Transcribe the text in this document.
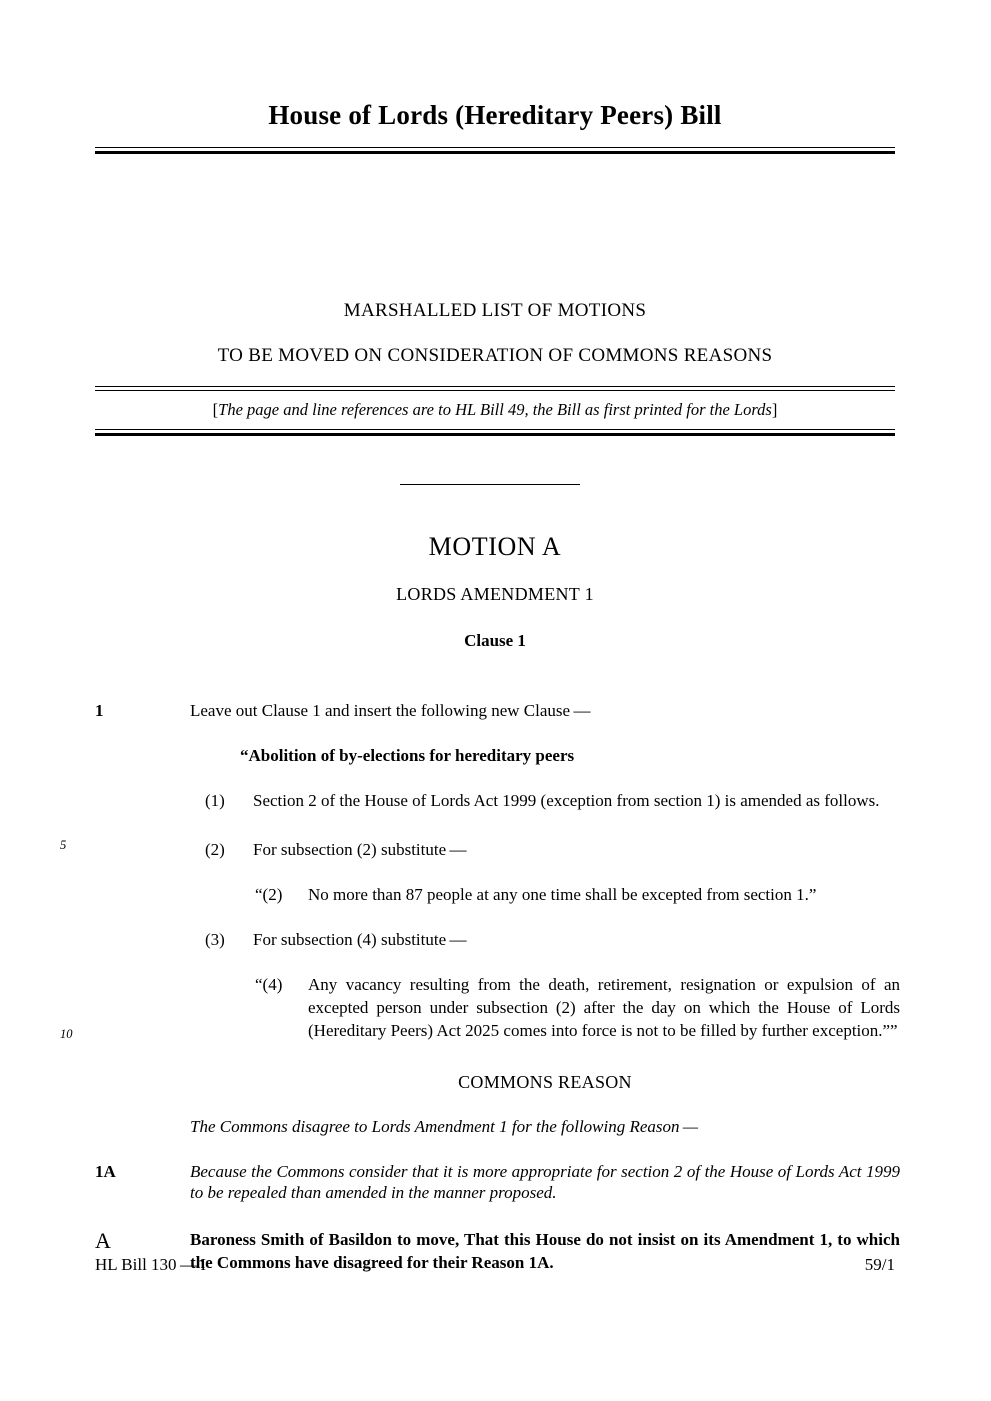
House of Lords (Hereditary Peers) Bill
MARSHALLED LIST OF MOTIONS
TO BE MOVED ON CONSIDERATION OF COMMONS REASONS
[The page and line references are to HL Bill 49, the Bill as first printed for the Lords]
MOTION A
LORDS AMENDMENT 1
Clause 1
1	Leave out Clause 1 and insert the following new Clause —
“Abolition of by-elections for hereditary peers
(1) Section 2 of the House of Lords Act 1999 (exception from section 1) is amended as follows.
5	(2) For subsection (2) substitute —
“(2) No more than 87 people at any one time shall be excepted from section 1.”
(3) For subsection (4) substitute —
10
“(4) Any vacancy resulting from the death, retirement, resignation or expulsion of an excepted person under subsection (2) after the day on which the House of Lords (Hereditary Peers) Act 2025 comes into force is not to be filled by further exception.””
COMMONS REASON
The Commons disagree to Lords Amendment 1 for the following Reason —
1A	Because the Commons consider that it is more appropriate for section 2 of the House of Lords Act 1999 to be repealed than amended in the manner proposed.
A	Baroness Smith of Basildon to move, That this House do not insist on its Amendment 1, to which the Commons have disagreed for their Reason 1A.
HL Bill 130 — I	59/1
